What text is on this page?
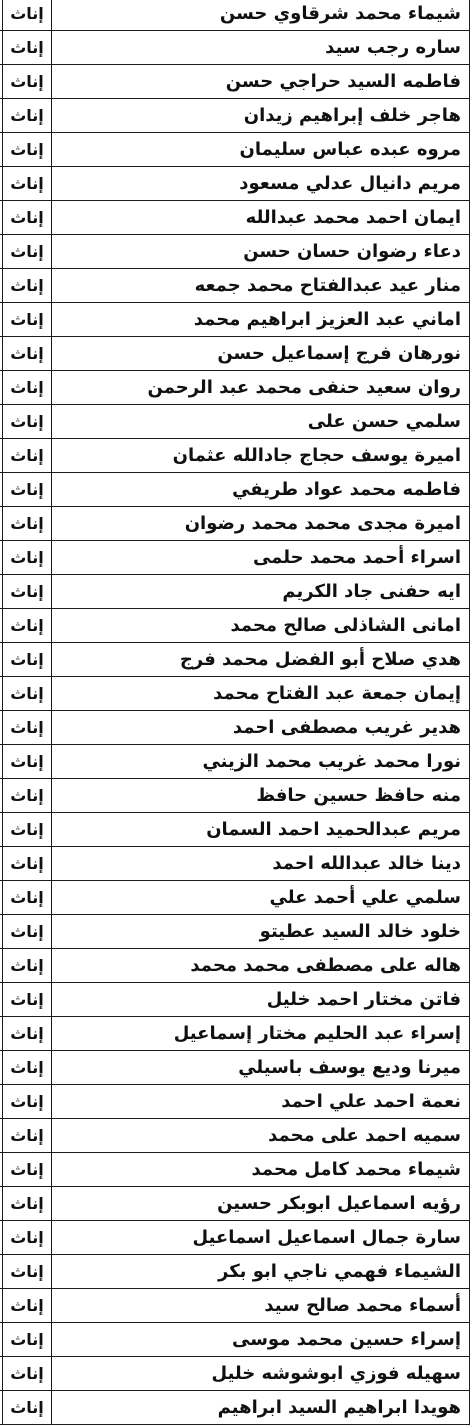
	إناث	شيماء محمد شرقاوي حسن
	إناث	ساره رجب سيد
	إناث	فاطمه السيد حراجي حسن
	إناث	هاجر خلف إبراهيم زيدان
	إناث	مروه عبده عباس سليمان
	إناث	مريم دانيال عدلي مسعود
	إناث	ايمان احمد محمد عبدالله
	إناث	دعاء رضوان حسان حسن
	إناث	منار عيد عبدالفتاح محمد جمعه
	إناث	اماني عبد العزيز ابراهيم محمد
	إناث	نورهان فرج إسماعيل حسن
	إناث	روان سعيد حنفى محمد عبد الرحمن
	إناث	سلمي حسن على
	إناث	اميرة يوسف حجاج جادالله عثمان
	إناث	فاطمه محمد عواد طريفي
	إناث	اميرة مجدى محمد محمد رضوان
	إناث	اسراء أحمد محمد حلمى
	إناث	ايه حفنى جاد الكريم
	إناث	امانى الشاذلى صالح محمد
	إناث	هدي صلاح أبو الفضل محمد فرج
	إناث	إيمان جمعة عبد الفتاح محمد
	إناث	هدير غريب مصطفى احمد
	إناث	نورا محمد غريب محمد الزيني
	إناث	منه حافظ حسين حافظ
	إناث	مريم عبدالحميد احمد السمان
	إناث	دينا خالد عبدالله احمد
	إناث	سلمي علي أحمد علي
	إناث	خلود خالد السيد عطيتو
	إناث	هاله على مصطفى محمد محمد
	إناث	فاتن مختار احمد خليل
	إناث	إسراء عبد الحليم مختار إسماعيل
	إناث	ميرنا وديع يوسف باسيلي
	إناث	نعمة احمد علي احمد
	إناث	سميه احمد على محمد
	إناث	شيماء محمد كامل محمد
	إناث	رؤيه اسماعيل ابوبكر حسين
	إناث	سارة جمال اسماعيل اسماعيل
	إناث	الشيماء فهمي ناجي ابو بكر
	إناث	أسماء محمد صالح سيد
	إناث	إسراء حسين محمد موسى
	إناث	سهيله فوزي ابوشوشه خليل
	إناث	هويدا ابراهيم السيد ابراهيم
